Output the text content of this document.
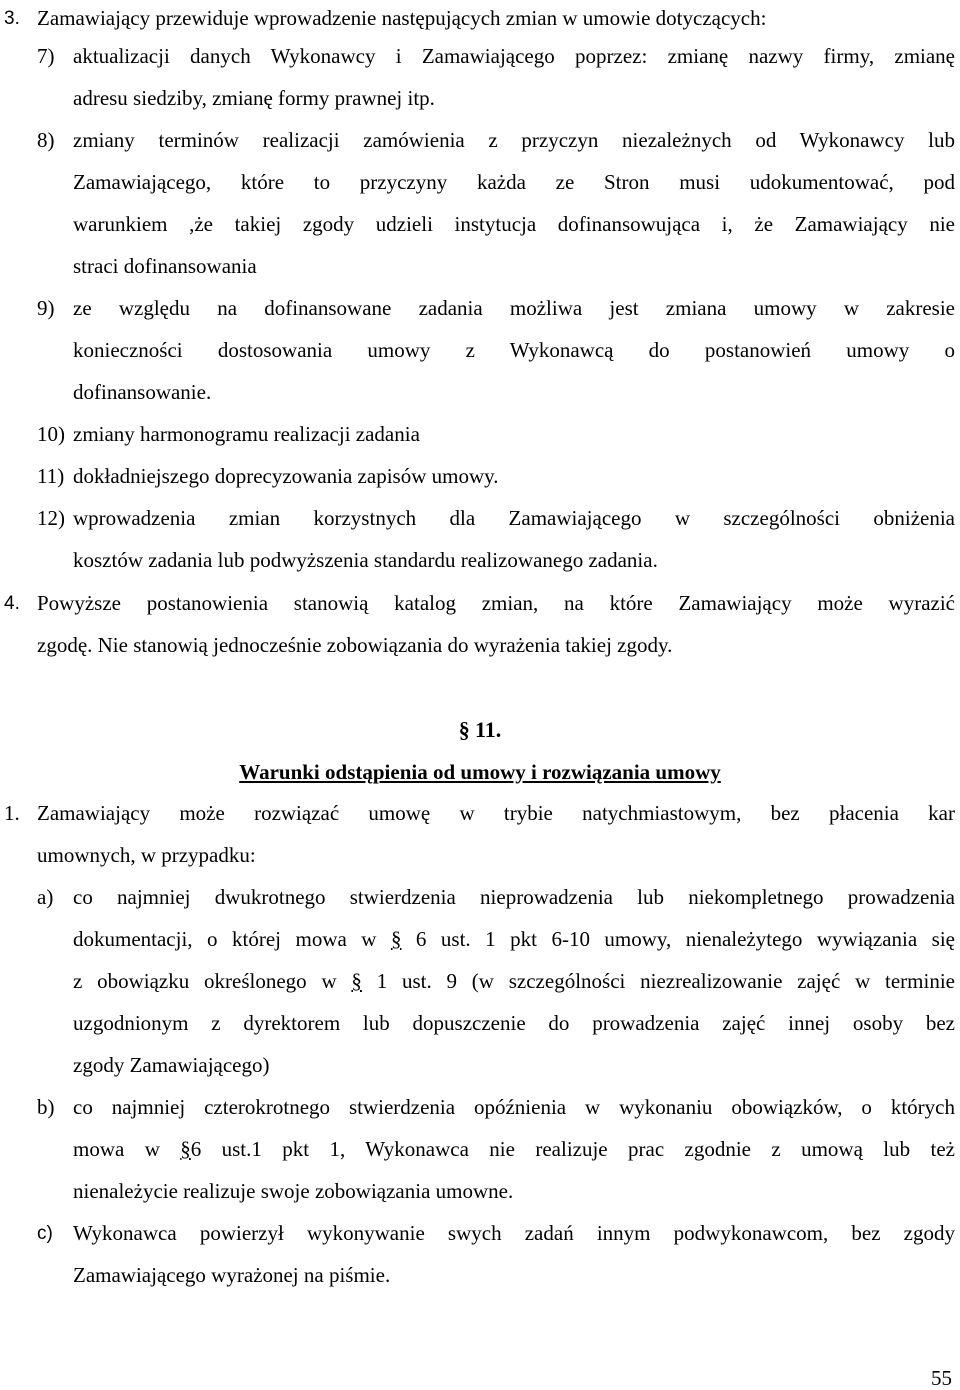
3. Zamawiający przewiduje wprowadzenie następujących zmian w umowie dotyczących:
7) aktualizacji danych Wykonawcy i Zamawiającego poprzez: zmianę nazwy firmy, zmianę
adresu siedziby, zmianę formy prawnej itp.
8) zmiany terminów realizacji zamówienia z przyczyn niezależnych od Wykonawcy lub
Zamawiającego, które to przyczyny każda ze Stron musi udokumentować, pod
warunkiem ,że takiej zgody udzieli instytucja dofinansowująca i, że Zamawiający nie
straci dofinansowania
9) ze względu na dofinansowane zadania możliwa jest zmiana umowy w zakresie
konieczności dostosowania umowy z Wykonawcą do postanowień umowy o
dofinansowanie.
10) zmiany harmonogramu realizacji zadania
11) dokładniejszego doprecyzowania zapisów umowy.
12) wprowadzenia zmian korzystnych dla Zamawiającego w szczególności obniżenia
kosztów zadania lub podwyższenia standardu realizowanego zadania.
4. Powyższe postanowienia stanowią katalog zmian, na które Zamawiający może wyrazić
zgodę. Nie stanowią jednocześnie zobowiązania do wyrażenia takiej zgody.
§ 11.
Warunki odstąpienia od umowy i rozwiązania umowy
1. Zamawiający może rozwiązać umowę w trybie natychmiastowym, bez płacenia kar
umownych, w przypadku:
a) co najmniej dwukrotnego stwierdzenia nieprowadzenia lub niekompletnego prowadzenia
dokumentacji, o której mowa w § 6 ust. 1 pkt 6-10 umowy, nienależytego wywiązania się
z obowiązku określonego w § 1 ust. 9 (w szczególności niezrealizowanie zajęć w terminie
uzgodnionym z dyrektorem lub dopuszczenie do prowadzenia zajęć innej osoby bez
zgody Zamawiającego)
b) co najmniej czterokrotnego stwierdzenia opóźnienia w wykonaniu obowiązków, o których
mowa w §6 ust.1 pkt 1, Wykonawca nie realizuje prac zgodnie z umową lub też
nienależycie realizuje swoje zobowiązania umowne.
c) Wykonawca powierzył wykonywanie swych zadań innym podwykonawcom, bez zgody
Zamawiającego wyrażonej na piśmie.
55
